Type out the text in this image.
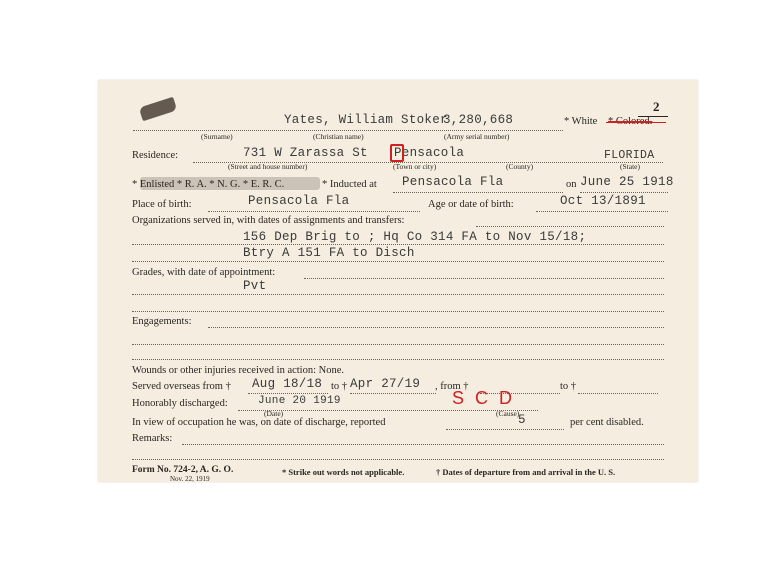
2
Yates, William Stoker
3,280,668	* White * Colored.
(Surname)	(Christian name)	(Army serial number)
Residence:	731 W Zarassa St Pensacola	FLORIDA
(Street and house number)	(Town or city)	(County)	(State)
* Enlisted * R. A. * N. G. * E. R. C.	* Inducted at Pensacola Fla	on June 25 1918
Place of birth:	Pensacola Fla	Age or date of birth:	Oct 13/1891
Organizations served in, with dates of assignments and transfers:
156 Dep Brig to ; Hq Co 314 FA to Nov 15/18;
Btry A 151 FA to Disch
Grades, with date of appointment:
Pvt
Engagements:
Wounds or other injuries received in action: None.
Served overseas from † Aug 18/18 to † Apr 27/19 , from †	to †
Honorably discharged:	June 20 1919	S C D
(Date)	(Cause)
In view of occupation he was, on date of discharge, reported	5	per cent disabled.
Remarks:
Form No. 724-2, A. G. O.
Nov. 22, 1919
* Strike out words not applicable.	† Dates of departure from and arrival in the U. S.
